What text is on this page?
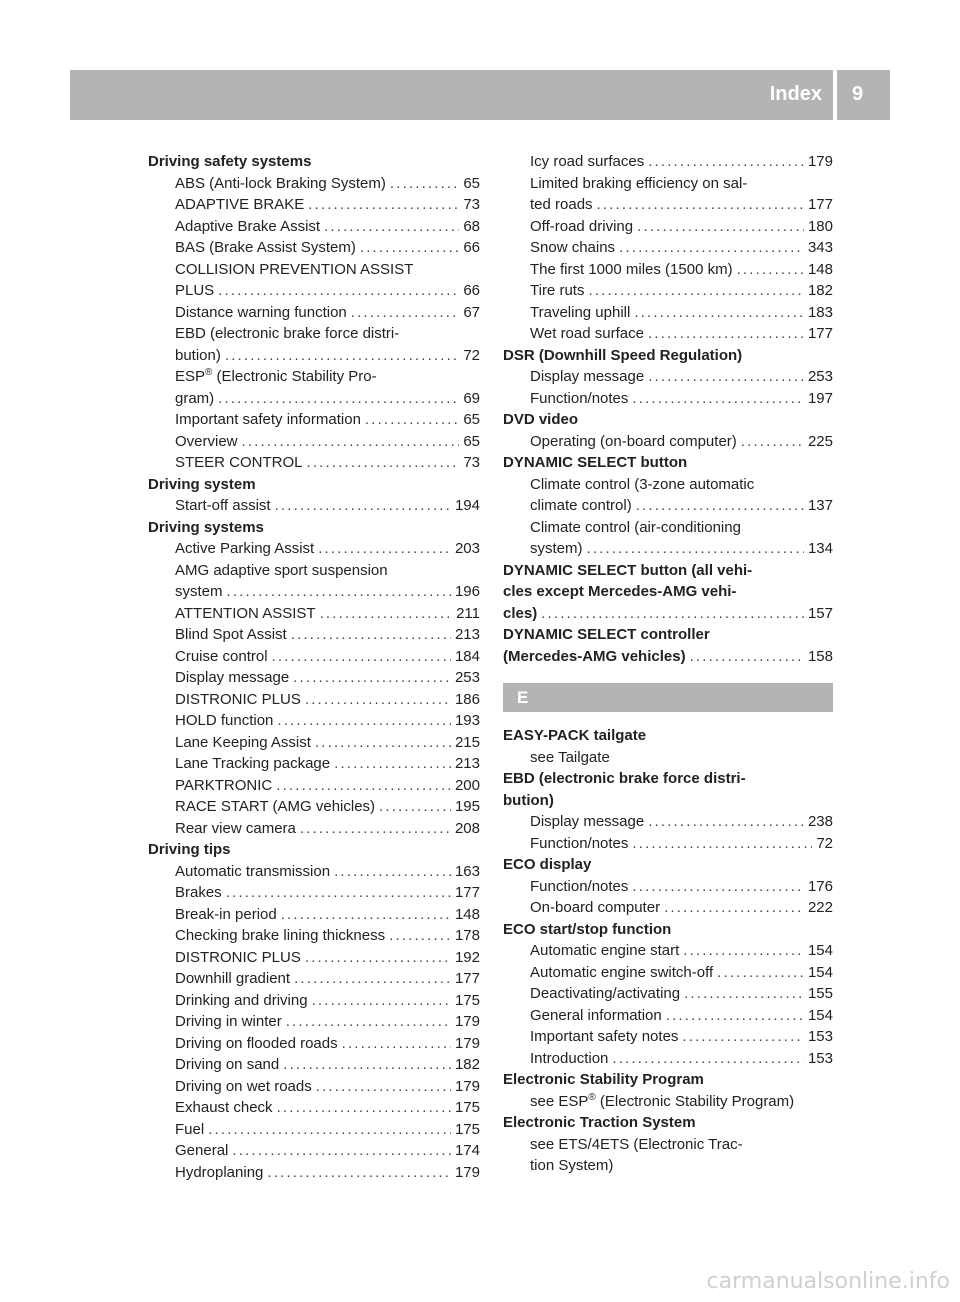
Index 9
Driving safety systems
ABS (Anti-lock Braking System) . . .	65
ADAPTIVE BRAKE . . .	73
Adaptive Brake Assist . . .	68
BAS (Brake Assist System) . . .	66
COLLISION PREVENTION ASSIST
PLUS . . .	66
Distance warning function . . .	67
EBD (electronic brake force distri-
bution) . . .	72
ESP® (Electronic Stability Pro-
gram) . . .	69
Important safety information . . .	65
Overview . . .	65
STEER CONTROL . . .	73
Driving system
Start-off assist . . .	194
Driving systems
Active Parking Assist . . .	203
AMG adaptive sport suspension
system . . .	196
ATTENTION ASSIST . . .	211
Blind Spot Assist . . .	213
Cruise control . . .	184
Display message . . .	253
DISTRONIC PLUS . . .	186
HOLD function . . .	193
Lane Keeping Assist . . .	215
Lane Tracking package . . .	213
PARKTRONIC . . .	200
RACE START (AMG vehicles) . . .	195
Rear view camera . . .	208
Driving tips
Automatic transmission . . .	163
Brakes . . .	177
Break-in period . . .	148
Checking brake lining thickness . . .	178
DISTRONIC PLUS . . .	192
Downhill gradient . . .	177
Drinking and driving . . .	175
Driving in winter . . .	179
Driving on flooded roads . . .	179
Driving on sand . . .	182
Driving on wet roads . . .	179
Exhaust check . . .	175
Fuel . . .	175
General . . .	174
Hydroplaning . . .	179
Icy road surfaces . . .	179
Limited braking efficiency on sal-
ted roads . . .	177
Off-road driving . . .	180
Snow chains . . .	343
The first 1000 miles (1500 km) . . .	148
Tire ruts . . .	182
Traveling uphill . . .	183
Wet road surface . . .	177
DSR (Downhill Speed Regulation)
Display message . . .	253
Function/notes . . .	197
DVD video
Operating (on-board computer) . . .	225
DYNAMIC SELECT button
Climate control (3-zone automatic
climate control) . . .	137
Climate control (air-conditioning
system) . . .	134
DYNAMIC SELECT button (all vehi-
cles except Mercedes-AMG vehi-
cles) . . .	157
DYNAMIC SELECT controller
(Mercedes-AMG vehicles) . . .	158
E
EASY-PACK tailgate
see Tailgate
EBD (electronic brake force distri-
bution)
Display message . . .	238
Function/notes . . .	72
ECO display
Function/notes . . .	176
On-board computer . . .	222
ECO start/stop function
Automatic engine start . . .	154
Automatic engine switch-off . . .	154
Deactivating/activating . . .	155
General information . . .	154
Important safety notes . . .	153
Introduction . . .	153
Electronic Stability Program
see ESP® (Electronic Stability Program)
Electronic Traction System
see ETS/4ETS (Electronic Trac-
tion System)
carmanualsonline.info
